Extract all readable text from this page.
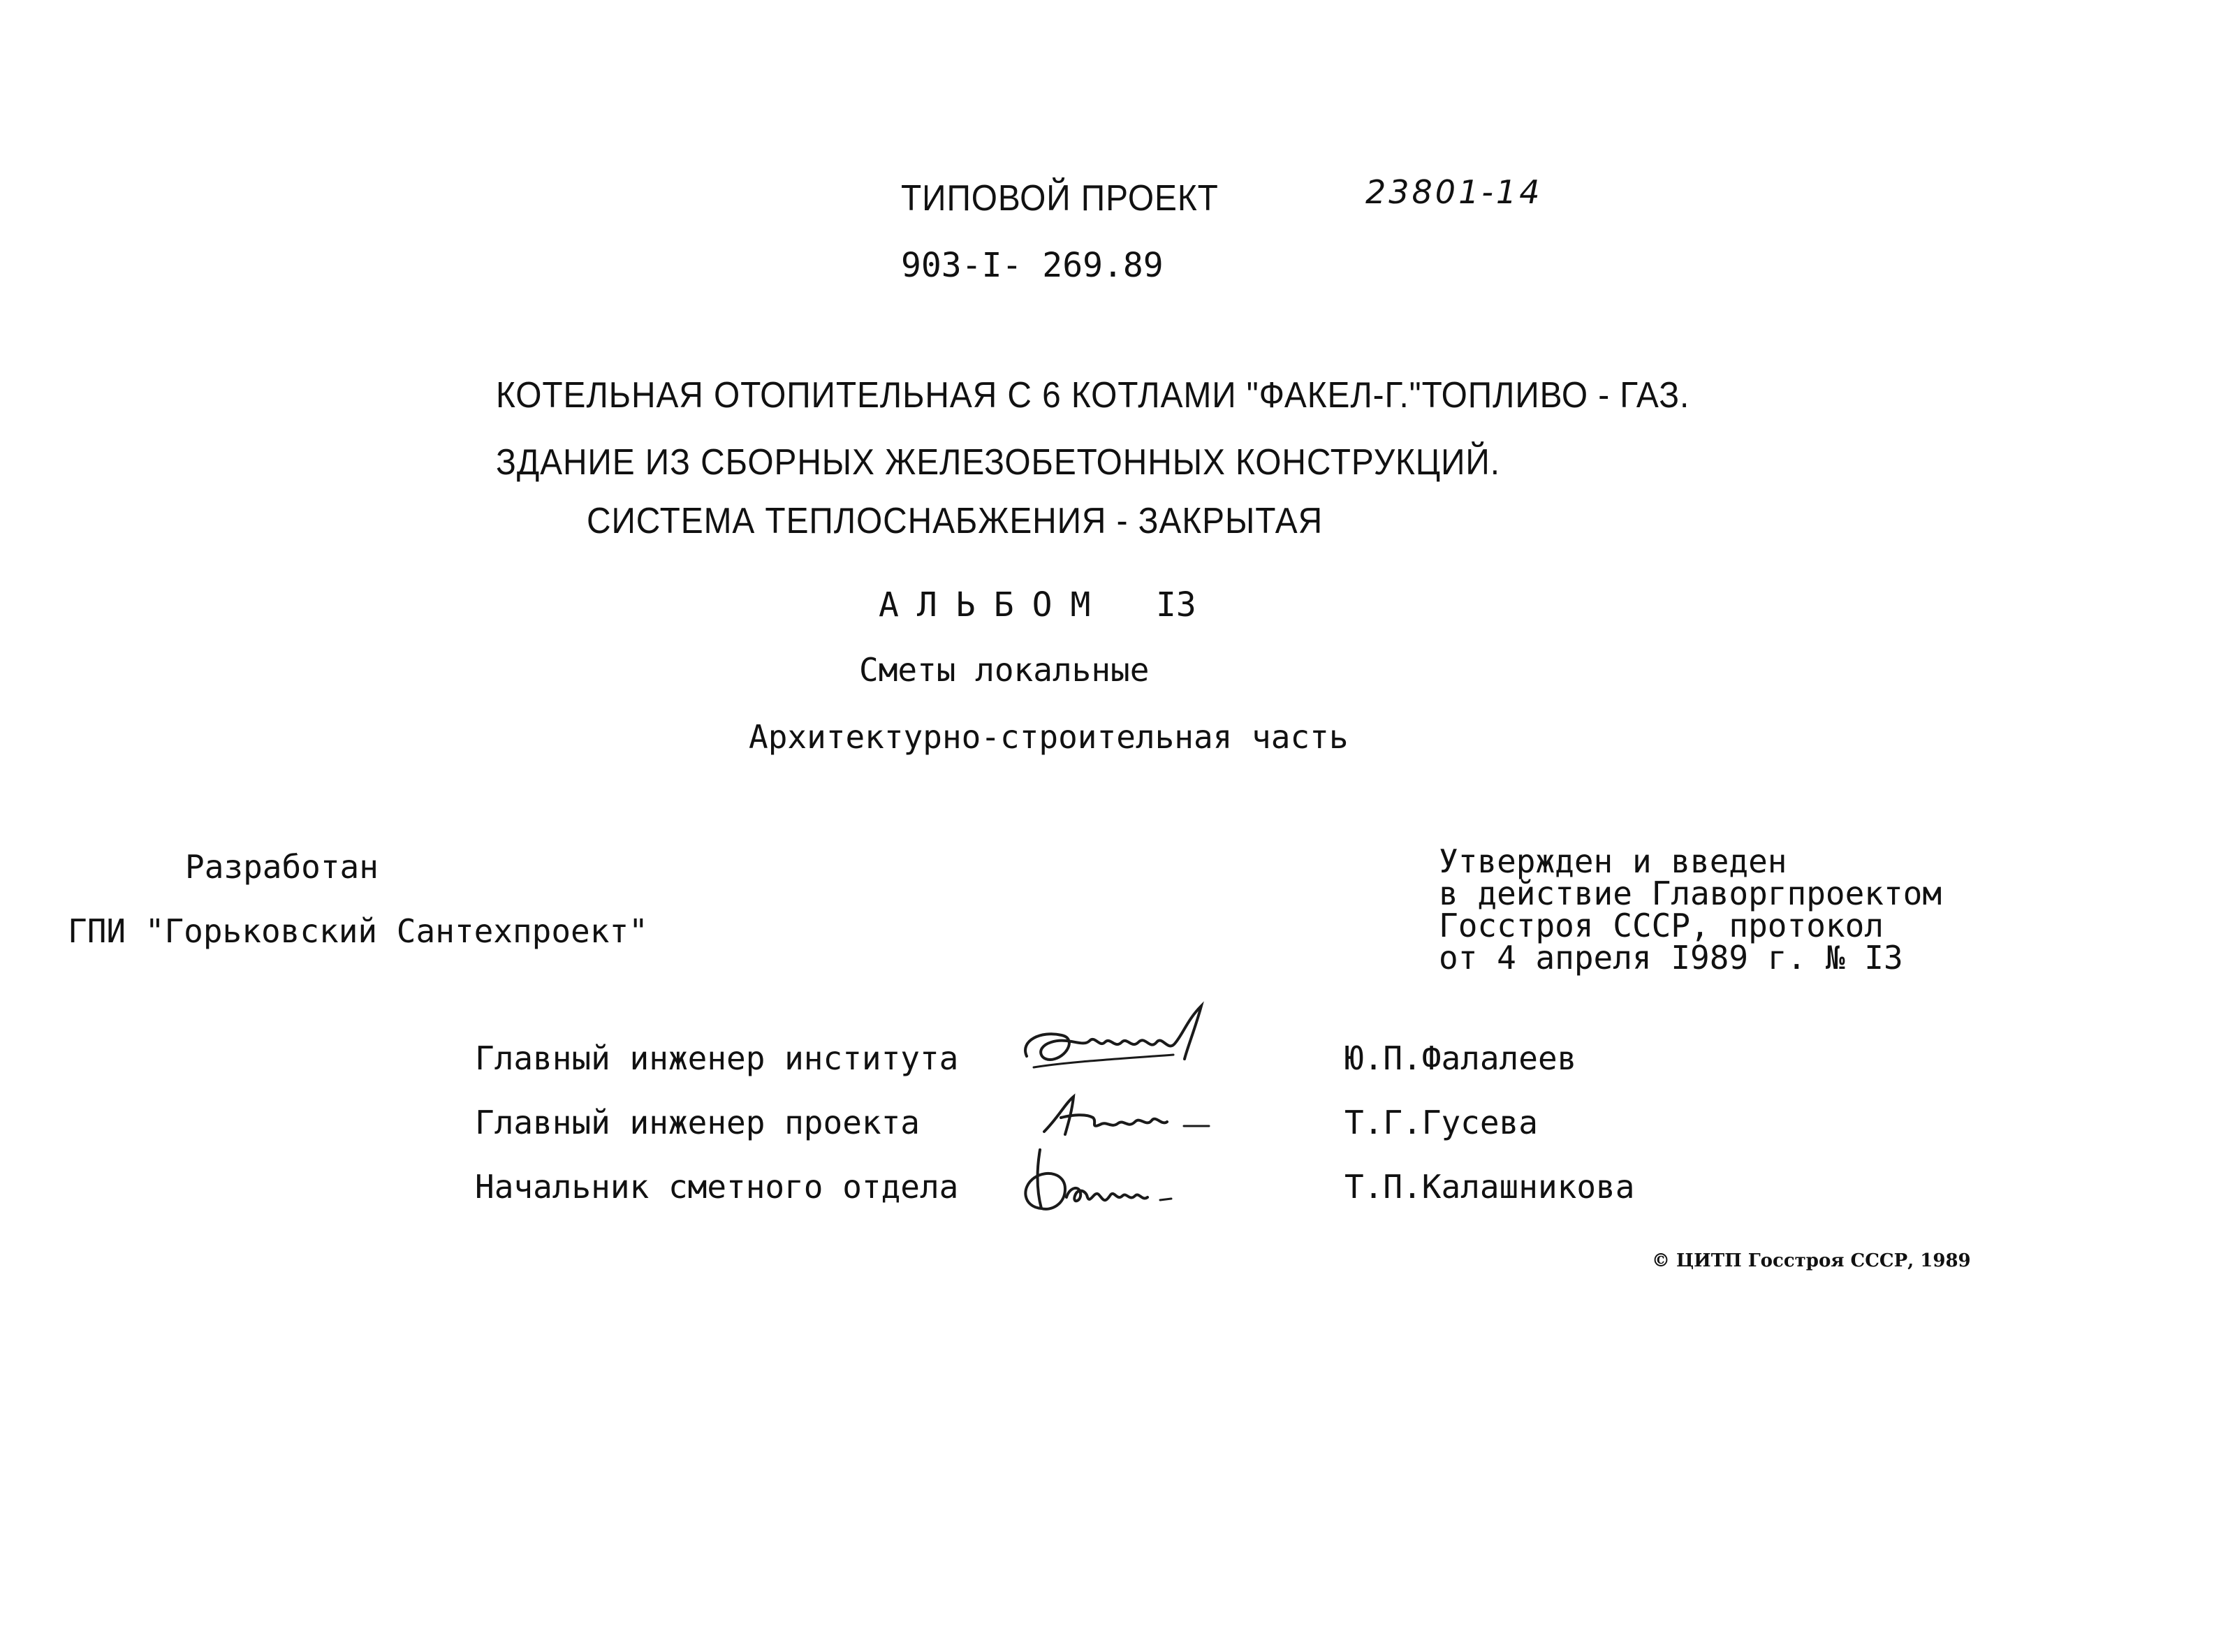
ТИПОВОЙ ПРОЕКТ	23801-14
903-I- 269.89
КОТЕЛЬНАЯ ОТОПИТЕЛЬНАЯ С 6 КОТЛАМИ "ФАКЕЛ-Г."ТОПЛИВО - ГАЗ.
ЗДАНИЕ ИЗ СБОРНЫХ ЖЕЛЕЗОБЕТОННЫХ КОНСТРУКЦИЙ.
СИСТЕМА ТЕПЛОСНАБЖЕНИЯ - ЗАКРЫТАЯ
АЛЬБОМ I3
Сметы локальные
Архитектурно-строительная часть
Разработан
ГПИ "Горьковский Сантехпроект"
Утвержден и введен
в действие Главоргпроектом
Госстроя СССР, протокол
от 4 апреля I989 г. № I3
Главный инженер института
Главный инженер проекта
Начальник сметного отдела
Ю.П.Фалалеев
Т.Г.Гусева
Т.П.Калашникова
© ЦИТП Госстроя СССР, 1989
